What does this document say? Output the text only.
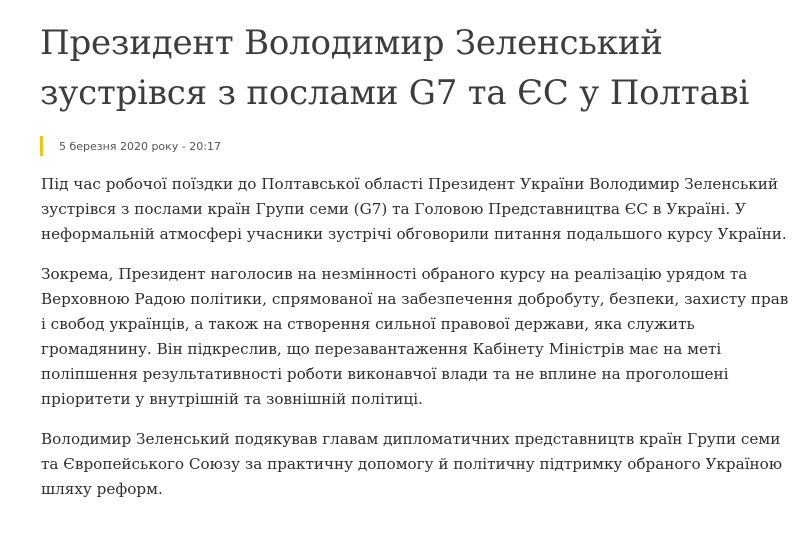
Президент Володимир Зеленський
зустрівся з послами G7 та ЄС у Полтаві
5 березня 2020 року - 20:17

Під час робочої поїздки до Полтавської області Президент України Володимир Зеленський зустрівся з послами країн Групи семи (G7) та Головою Представництва ЄС в Україні. У неформальній атмосфері учасники зустрічі обговорили питання подальшого курсу України.

Зокрема, Президент наголосив на незмінності обраного курсу на реалізацію урядом та Верховною Радою політики, спрямованої на забезпечення добробуту, безпеки, захисту прав і свобод українців, а також на створення сильної правової держави, яка служить громадянину. Він підкреслив, що перезавантаження Кабінету Міністрів має на меті поліпшення результативності роботи виконавчої влади та не вплине на проголошені пріоритети у внутрішній та зовнішній політиці.

Володимир Зеленський подякував главам дипломатичних представництв країн Групи семи та Європейського Союзу за практичну допомогу й політичну підтримку обраного Україною шляху реформ.
